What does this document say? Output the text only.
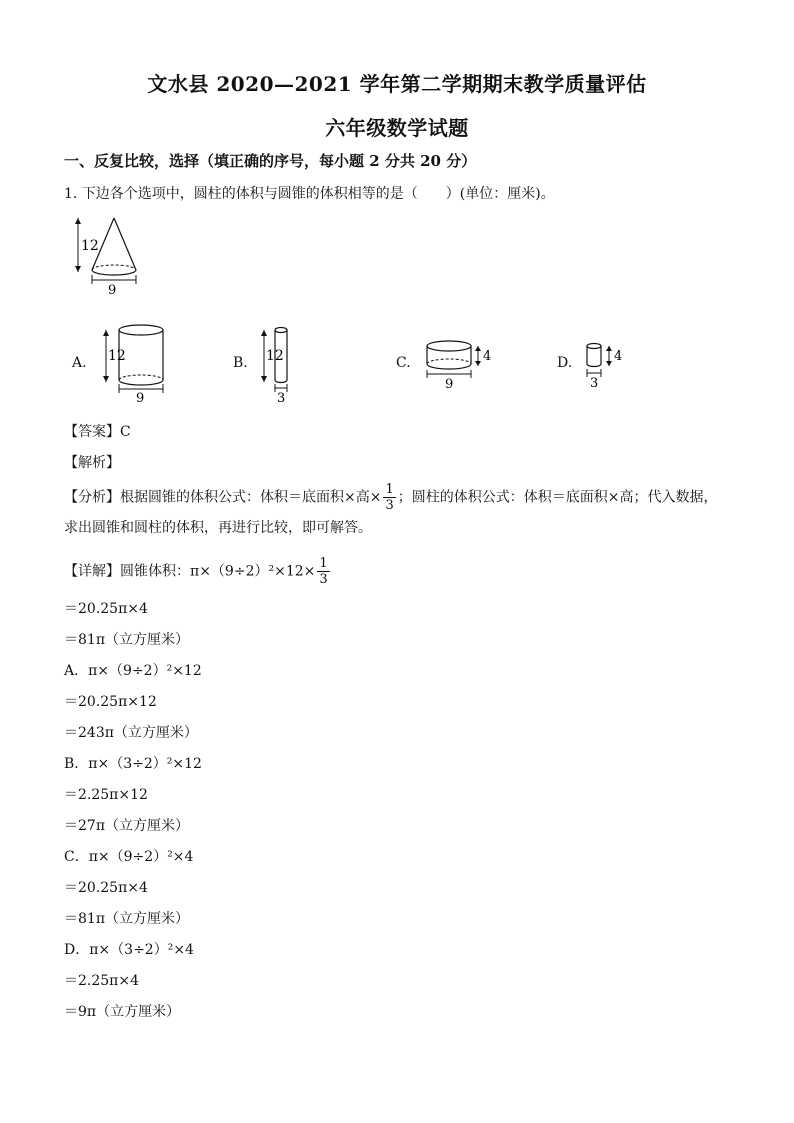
文水县 2020—2021 学年第二学期期末教学质量评估
六年级数学试题
一、反复比较，选择（填正确的序号，每小题 2 分共 20 分）
1. 下边各个选项中，圆柱的体积与圆锥的体积相等的是（　　）(单位：厘米)。
12
9
A. 12
9
B. 12
3
C.	4
9
D.	4
3
【答案】C
【解析】
【分析】根据圆锥的体积公式：体积＝底面积×高× $\frac{1}{3}$ ；圆柱的体积公式：体积＝底面积×高；代入数据，
求出圆锥和圆柱的体积，再进行比较，即可解答。
【详解】圆锥体积：$\pi\times(9\div 2)^2\times 12\times \frac{1}{3}$
＝20.25π×4
＝81π（立方厘米）
A．π×（9÷2）²×12
＝20.25π×12
＝243π（立方厘米）
B．π×（3÷2）²×12
＝2.25π×12
＝27π（立方厘米）
C．π×（9÷2）²×4
＝20.25π×4
＝81π（立方厘米）
D．π×（3÷2）²×4
＝2.25π×4
＝9π（立方厘米）
